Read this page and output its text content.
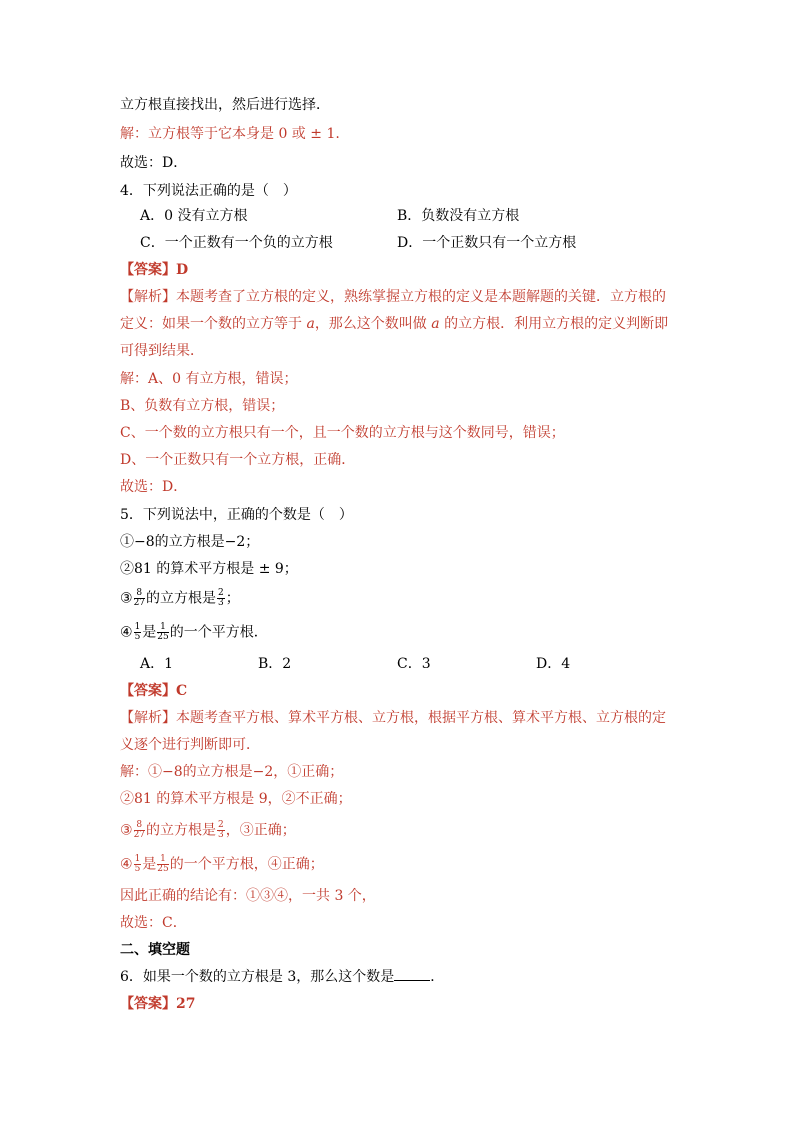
立方根直接找出，然后进行选择．
解：立方根等于它本身是 0 或 ± 1.
故选：D．
4．下列说法正确的是（　）
A．0 没有立方根	B．负数没有立方根
C．一个正数有一个负的立方根	D．一个正数只有一个立方根
【答案】D
【解析】本题考查了立方根的定义，熟练掌握立方根的定义是本题解题的关键．立方根的
定义：如果一个数的立方等于 a，那么这个数叫做 a 的立方根．利用立方根的定义判断即
可得到结果．
解：A、0 有立方根，错误；
B、负数有立方根，错误；
C、一个数的立方根只有一个，且一个数的立方根与这个数同号，错误；
D、一个正数只有一个立方根，正确．
故选：D．
5．下列说法中，正确的个数是（　）
①−8的立方根是−2；
②81 的算术平方根是 ± 9；
③ $\frac{8}{27}$ 的立方根是 $\frac{2}{3}$ ；
④ $\frac{1}{5}$ 是 $\frac{1}{25}$ 的一个平方根．
A．1	B．2	C．3	D．4
【答案】C
【解析】本题考查平方根、算术平方根、立方根，根据平方根、算术平方根、立方根的定
义逐个进行判断即可．
解：①−8的立方根是−2，①正确；
②81 的算术平方根是 9，②不正确；
③ $\frac{8}{27}$ 的立方根是 $\frac{2}{3}$ ，③正确；
④ $\frac{1}{5}$ 是 $\frac{1}{25}$ 的一个平方根，④正确；
因此正确的结论有：①③④，一共 3 个，
故选：C．
二、填空题
6．如果一个数的立方根是 3，那么这个数是	．
【答案】27
